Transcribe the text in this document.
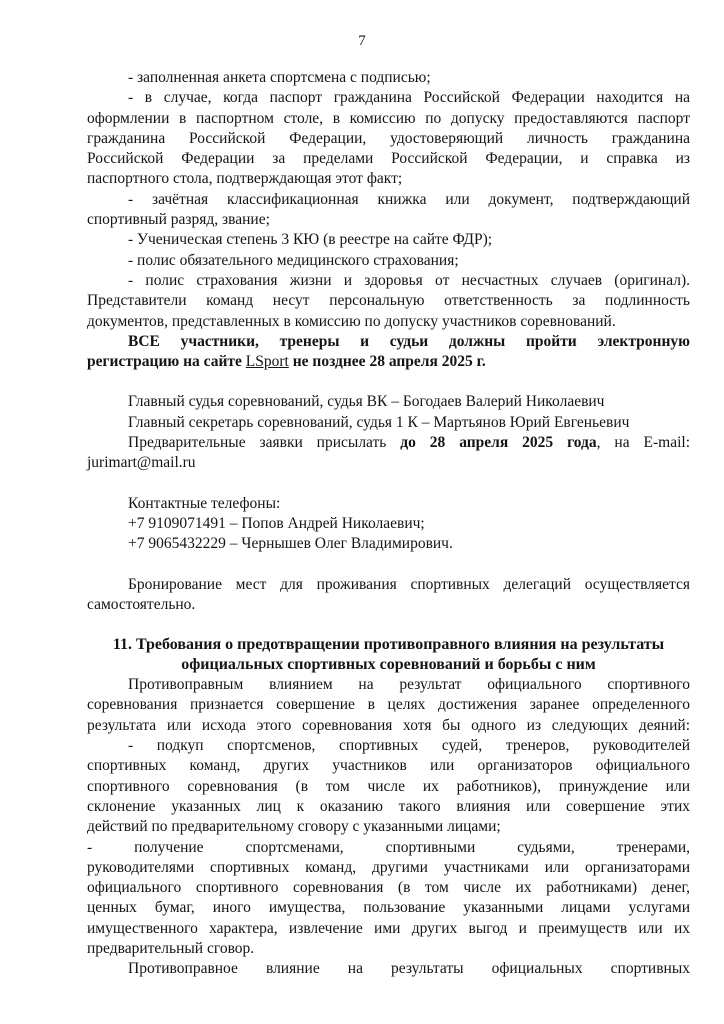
7

- заполненная анкета спортсмена с подписью;

- в случае, когда паспорт гражданина Российской Федерации находится на

оформлении в паспортном столе, в комиссию по допуску предоставляются паспорт

гражданина Российской Федерации, удостоверяющий личность гражданина

Российской Федерации за пределами Российской Федерации, и справка из

паспортного стола, подтверждающая этот факт;

- зачётная классификационная книжка или документ, подтверждающий

спортивный разряд, звание;

- Ученическая степень 3 КЮ (в реестре на сайте ФДР);

- полис обязательного медицинского страхования;

- полис страхования жизни и здоровья от несчастных случаев (оригинал).

Представители команд несут персональную ответственность за подлинность

документов, представленных в комиссию по допуску участников соревнований.

ВСЕ участники, тренеры и судьи должны пройти электронную

регистрацию на сайте LSport не позднее 28 апреля 2025 г.

Главный судья соревнований, судья ВК – Богодаев Валерий Николаевич

Главный секретарь соревнований, судья 1 К – Мартьянов Юрий Евгеньевич

Предварительные заявки присылать до 28 апреля 2025 года, на E-mail:

jurimart@mail.ru

Контактные телефоны:

+7 9109071491 – Попов Андрей Николаевич;

+7 9065432229 – Чернышев Олег Владимирович.

Бронирование мест для проживания спортивных делегаций осуществляется

самостоятельно.

11. Требования о предотвращении противоправного влияния на результаты

официальных спортивных соревнований и борьбы с ним

Противоправным влиянием на результат официального спортивного

соревнования признается совершение в целях достижения заранее определенного

результата или исхода этого соревнования хотя бы одного из следующих деяний:

- подкуп спортсменов, спортивных судей, тренеров, руководителей

спортивных команд, других участников или организаторов официального

спортивного соревнования (в том числе их работников), принуждение или

склонение указанных лиц к оказанию такого влияния или совершение этих

действий по предварительному сговору с указанными лицами;

- получение спортсменами, спортивными судьями, тренерами,

руководителями спортивных команд, другими участниками или организаторами

официального спортивного соревнования (в том числе их работниками) денег,

ценных бумаг, иного имущества, пользование указанными лицами услугами

имущественного характера, извлечение ими других выгод и преимуществ или их

предварительный сговор.

Противоправное влияние на результаты официальных спортивных
